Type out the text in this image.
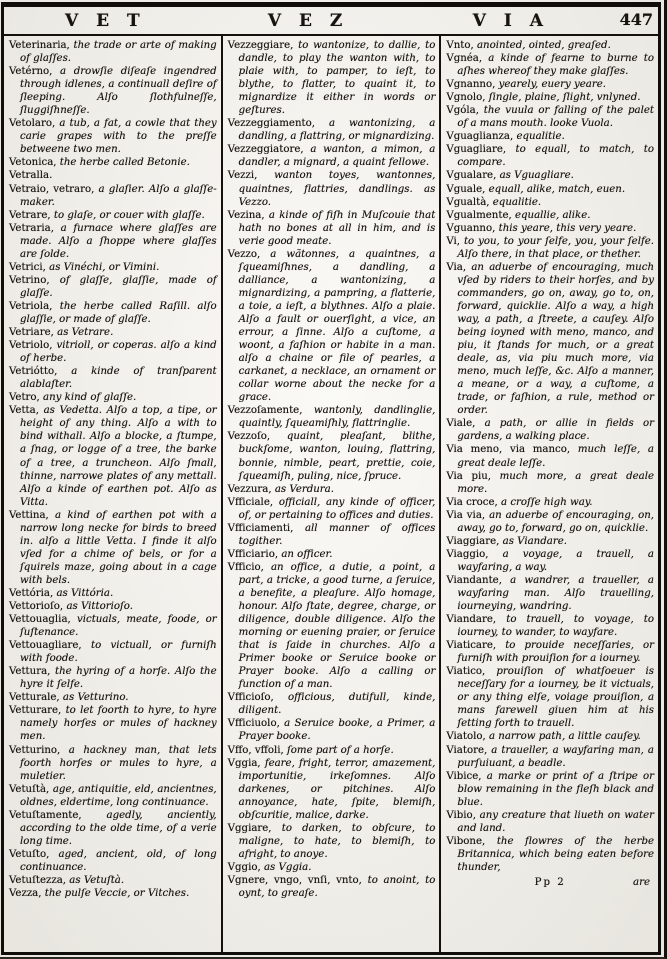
V E T	V E Z	V I A	447

Veterinaria, the trade or arte of making of glaſſes.

Vetérno, a drowſie diſeaſe ingendred through idlenes, a continuall deſire of ſleeping. Alſo ſlothfulneſſe, ſluggiſhneſſe.

Vetolaro, a tub, a fat, a cowle that they carie grapes with to the preſſe betweene two men.

Vetonica, the herbe called Betonie.

Vetralla.

Vetraio, vetraro, a glaſier. Alſo a glaſſe-maker.

Vetrare, to glaſe, or couer with glaſſe.

Vetraria, a furnace where glaſſes are made. Alſo a ſhoppe where glaſſes are ſolde.

Vetrici, as Vinéchi, or Vimini.

Vetrino, of glaſſe, glaſſie, made of glaſſe.

Vetriola, the herbe called Raſill. alſo glaſſie, or made of glaſſe.

Vetriare, as Vetrare.

Vetriolo, vitrioll, or coperas. alſo a kind of herbe.

Vetriótto, a kinde of tranſparent alablaſter.

Vetro, any kind of glaſſe.

Vetta, as Vedetta. Alſo a top, a tipe, or height of any thing. Alſo a with to bind withall. Alſo a blocke, a ſtumpe, a ſnag, or logge of a tree, the barke of a tree, a truncheon. Alſo ſmall, thinne, narrowe plates of any mettall. Alſo a kinde of earthen pot. Alſo as Vitta.

Vettina, a kind of earthen pot with a narrow long necke for birds to breed in. alſo a little Vetta. I finde it alſo vſed for a chime of bels, or for a ſquirels maze, going about in a cage with bels.

Vettória, as Vittória.

Vettorioſo, as Vittorioſo.

Vettouaglia, victuals, meate, foode, or ſuſtenance.

Vettouagliare, to victuall, or furniſh with foode.

Vettura, the hyring of a horſe. Alſo the hyre it ſelfe.

Vetturale, as Vetturino.

Vetturare, to let foorth to hyre, to hyre namely horſes or mules of hackney men.

Vetturino, a hackney man, that lets foorth horſes or mules to hyre, a muletier.

Vetuſtà, age, antiquitie, eld, ancientnes, oldnes, eldertime, long continuance.

Vetuſtamente, agedly, anciently, according to the olde time, of a verie long time.

Vetuſto, aged, ancient, old, of long continuance.

Vetuſtezza, as Vetuſtà.

Vezza, the pulſe Veccie, or Vitches.

Vezzeggiare, to wantonize, to dallie, to dandle, to play the wanton with, to plaie with, to pamper, to ieſt, to blythe, to flatter, to quaint it, to mignardize it either in words or geſtures.

Vezzeggiamento, a wantonizing, a dandling, a flattring, or mignardizing.

Vezzeggiatore, a wanton, a mimon, a dandler, a mignard, a quaint fellowe.

Vezzi, wanton toyes, wantonnes, quaintnes, flattries, dandlings. as Vezzo.

Vezina, a kinde of fiſh in Muſcouie that hath no bones at all in him, and is verie good meate.

Vezzo, a wãtonnes, a quaintnes, a ſqueamiſhnes, a dandling, a dalliance, a wantonizing, a mignardizing, a pampring, a flatterie, a toie, a ieſt, a blythnes. Alſo a plaie. Alſo a fault or ouerſight, a vice, an errour, a ſinne. Alſo a cuſtome, a woont, a faſhion or habite in a man. alſo a chaine or file of pearles, a carkanet, a necklace, an ornament or collar worne about the necke for a grace.

Vezzoſamente, wantonly, dandlinglie, quaintly, ſqueamiſhly, flattringlie.

Vezzoſo, quaint, pleaſant, blithe, buckſome, wanton, louing, flattring, bonnie, nimble, peart, prettie, coie, ſqueamiſh, puling, nice, ſpruce.

Vezzura, as Verdura.

Vfficiale, officiall, any kinde of officer, of, or pertaining to offices and duties.

Vfficiamenti, all manner of offices togither.

Vfficiario, an officer.

Vfficio, an office, a dutie, a point, a part, a tricke, a good turne, a ſeruice, a benefite, a pleaſure. Alſo homage, honour. Alſo ſtate, degree, charge, or diligence, double diligence. Alſo the morning or euening praier, or ſeruice that is ſaide in churches. Alſo a Primer booke or Seruice booke or Prayer booke. Alſo a calling or function of a man.

Vfficioſo, officious, dutifull, kinde, diligent.

Vfficiuolo, a Seruice booke, a Primer, a Prayer booke.

Vffo, vffoli, ſome part of a horſe.

Vggia, feare, fright, terror, amazement, importunitie, irkeſomnes. Alſo darkenes, or pitchines. Alſo annoyance, hate, ſpite, blemiſh, obſcuritie, malice, darke.

Vggiare, to darken, to obſcure, to maligne, to hate, to blemiſh, to afright, to anoye.

Vggio, as Vggia.

Vgnere, vngo, vnſi, vnto, to anoint, to oynt, to greaſe.

Vnto, anointed, ointed, greaſed.

Vgnéa, a kinde of fearne to burne to aſhes whereof they make glaſſes.

Vgnanno, yearely, euery yeare.

Vgnolo, ſingle, plaine, ſlight, vnlyned.

Vgóla, the vuula or falling of the palet of a mans mouth. looke Vuola.

Vguaglianza, equalitie.

Vguagliare, to equall, to match, to compare.

Vgualare, as Vguagliare.

Vguale, equall, alike, match, euen.

Vgualtà, equalitie.

Vgualmente, equallie, alike.

Vguanno, this yeare, this very yeare.

Vi, to you, to your ſelfe, you, your ſelfe. Alſo there, in that place, or thether.

Via, an aduerbe of encouraging, much vſed by riders to their horſes, and by commanders, go on, away, go to, on, forward, quicklie. Alſo a way, a high way, a path, a ſtreete, a cauſey. Alſo being ioyned with meno, manco, and piu, it ſtands for much, or a great deale, as, via piu much more, via meno, much leſſe, &c. Alſo a manner, a meane, or a way, a cuſtome, a trade, or faſhion, a rule, method or order.

Viale, a path, or allie in fields or gardens, a walking place.

Via meno, via manco, much leſſe, a great deale leſſe.

Via piu, much more, a great deale more.

Via croce, a croſſe high way.

Via via, an aduerbe of encouraging, on, away, go to, forward, go on, quicklie.

Viaggiare, as Viandare.

Viaggio, a voyage, a trauell, a wayfaring, a way.

Viandante, a wandrer, a traueller, a wayfaring man. Alſo trauelling, iourneying, wandring.

Viandare, to trauell, to voyage, to iourney, to wander, to wayfare.

Viaticare, to prouide neceſſaries, or furniſh with prouiſion for a iourney.

Viatico, prouiſion of whatſoeuer is neceſſary for a iourney, be it victuals, or any thing elſe, voiage prouiſion, a mans farewell giuen him at his ſetting forth to trauell.

Viatolo, a narrow path, a little cauſey.

Viatore, a traueller, a wayfaring man, a purſuiuant, a beadle.

Vibice, a marke or print of a ſtripe or blow remaining in the fleſh black and blue.

Vibio, any creature that liueth on water and land.

Vibone, the flowres of the herbe Britannica, which being eaten before thunder,

Pp 2	are
